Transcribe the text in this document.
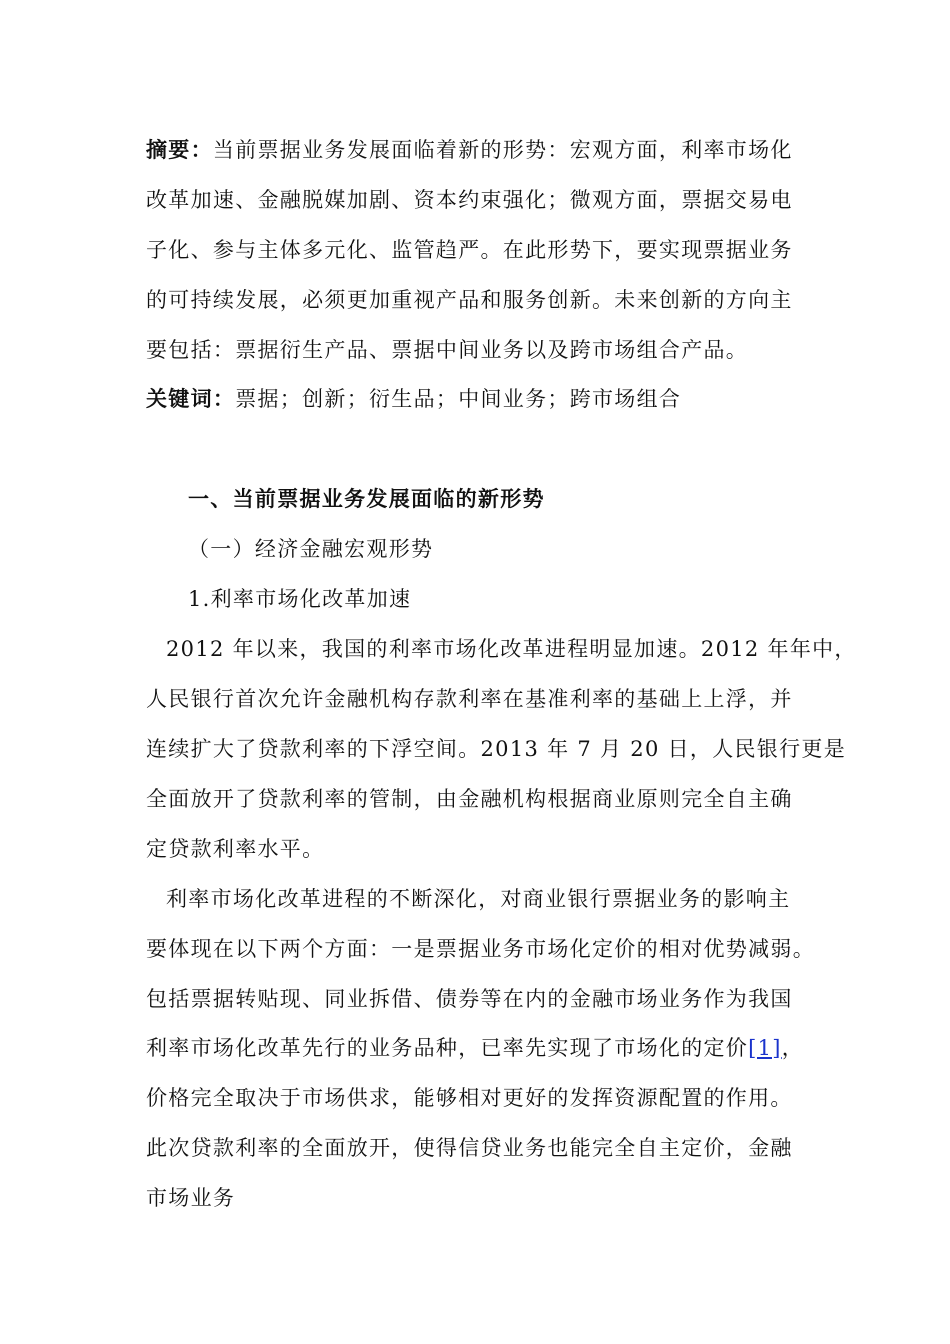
摘要：当前票据业务发展面临着新的形势：宏观方面，利率市场化
改革加速、金融脱媒加剧、资本约束强化；微观方面，票据交易电
子化、参与主体多元化、监管趋严。在此形势下，要实现票据业务
的可持续发展，必须更加重视产品和服务创新。未来创新的方向主
要包括：票据衍生产品、票据中间业务以及跨市场组合产品。
关键词：票据；创新；衍生品；中间业务；跨市场组合
一、当前票据业务发展面临的新形势
（一）经济金融宏观形势
1.利率市场化改革加速
2012 年以来，我国的利率市场化改革进程明显加速。2012 年年中，
人民银行首次允许金融机构存款利率在基准利率的基础上上浮，并
连续扩大了贷款利率的下浮空间。2013 年 7 月 20 日，人民银行更是
全面放开了贷款利率的管制，由金融机构根据商业原则完全自主确
定贷款利率水平。
利率市场化改革进程的不断深化，对商业银行票据业务的影响主
要体现在以下两个方面：一是票据业务市场化定价的相对优势减弱。
包括票据转贴现、同业拆借、债券等在内的金融市场业务作为我国
利率市场化改革先行的业务品种，已率先实现了市场化的定价[1]，
价格完全取决于市场供求，能够相对更好的发挥资源配置的作用。
此次贷款利率的全面放开，使得信贷业务也能完全自主定价，金融
市场业务
